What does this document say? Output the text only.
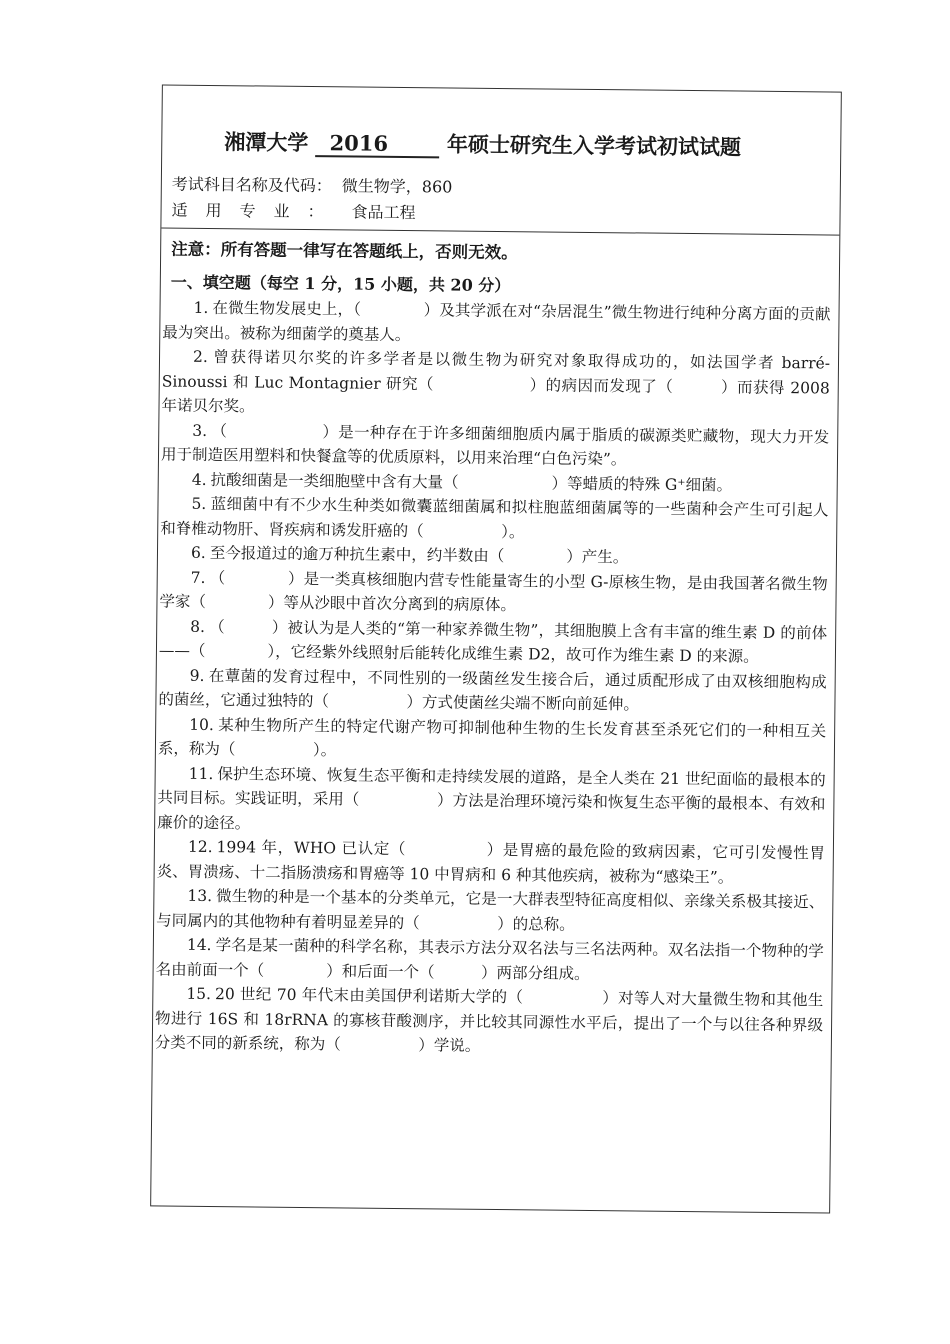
湘潭大学 2016	年硕士研究生入学考试初试试题
考试科目名称及代码： 微生物学，860
适用专业： 食品工程
注意：所有答题一律写在答题纸上，否则无效。
一、填空题（每空 1 分，15 小题，共 20 分）

1. 在微生物发展史上，（　　　　）及其学派在对“杂居混生”微生物进行纯种分离方面的贡献最为突出。被称为细菌学的奠基人。

2. 曾获得诺贝尔奖的许多学者是以微生物为研究对象取得成功的，如法国学者 barré-Sinoussi 和 Luc Montagnier 研究（　　　　　　）的病因而发现了（　　　）而获得 2008 年诺贝尔奖。

3. （　　　　　　）是一种存在于许多细菌细胞质内属于脂质的碳源类贮藏物，现大力开发用于制造医用塑料和快餐盒等的优质原料，以用来治理“白色污染”。

4. 抗酸细菌是一类细胞壁中含有大量（　　　　　　）等蜡质的特殊 G⁺细菌。

5. 蓝细菌中有不少水生种类如微囊蓝细菌属和拟柱胞蓝细菌属等的一些菌种会产生可引起人和脊椎动物肝、肾疾病和诱发肝癌的（　　　　　）。

6. 至今报道过的逾万种抗生素中，约半数由（　　　　）产生。

7. （　　　　）是一类真核细胞内营专性能量寄生的小型 G-原核生物，是由我国著名微生物学家（　　　　）等从沙眼中首次分离到的病原体。

8. （　　　）被认为是人类的“第一种家养微生物”，其细胞膜上含有丰富的维生素 D 的前体——（　　　　），它经紫外线照射后能转化成维生素 D2，故可作为维生素 D 的来源。

9. 在蕈菌的发育过程中，不同性别的一级菌丝发生接合后，通过质配形成了由双核细胞构成的菌丝，它通过独特的（　　　　　）方式使菌丝尖端不断向前延伸。

10. 某种生物所产生的特定代谢产物可抑制他种生物的生长发育甚至杀死它们的一种相互关系，称为（　　　　　）。

11. 保护生态环境、恢复生态平衡和走持续发展的道路，是全人类在 21 世纪面临的最根本的共同目标。实践证明，采用（　　　　　）方法是治理环境污染和恢复生态平衡的最根本、有效和廉价的途径。

12. 1994 年，WHO 已认定（　　　　　）是胃癌的最危险的致病因素，它可引发慢性胃炎、胃溃疡、十二指肠溃疡和胃癌等 10 中胃病和 6 种其他疾病，被称为“感染王”。

13. 微生物的种是一个基本的分类单元，它是一大群表型特征高度相似、亲缘关系极其接近、与同属内的其他物种有着明显差异的（　　　　　）的总称。

14. 学名是某一菌种的科学名称，其表示方法分双名法与三名法两种。双名法指一个物种的学名由前面一个（　　　　）和后面一个（　　　）两部分组成。

15. 20 世纪 70 年代末由美国伊利诺斯大学的（　　　　　）对等人对大量微生物和其他生物进行 16S 和 18rRNA 的寡核苷酸测序，并比较其同源性水平后，提出了一个与以往各种界级分类不同的新系统，称为（　　　　　）学说。
